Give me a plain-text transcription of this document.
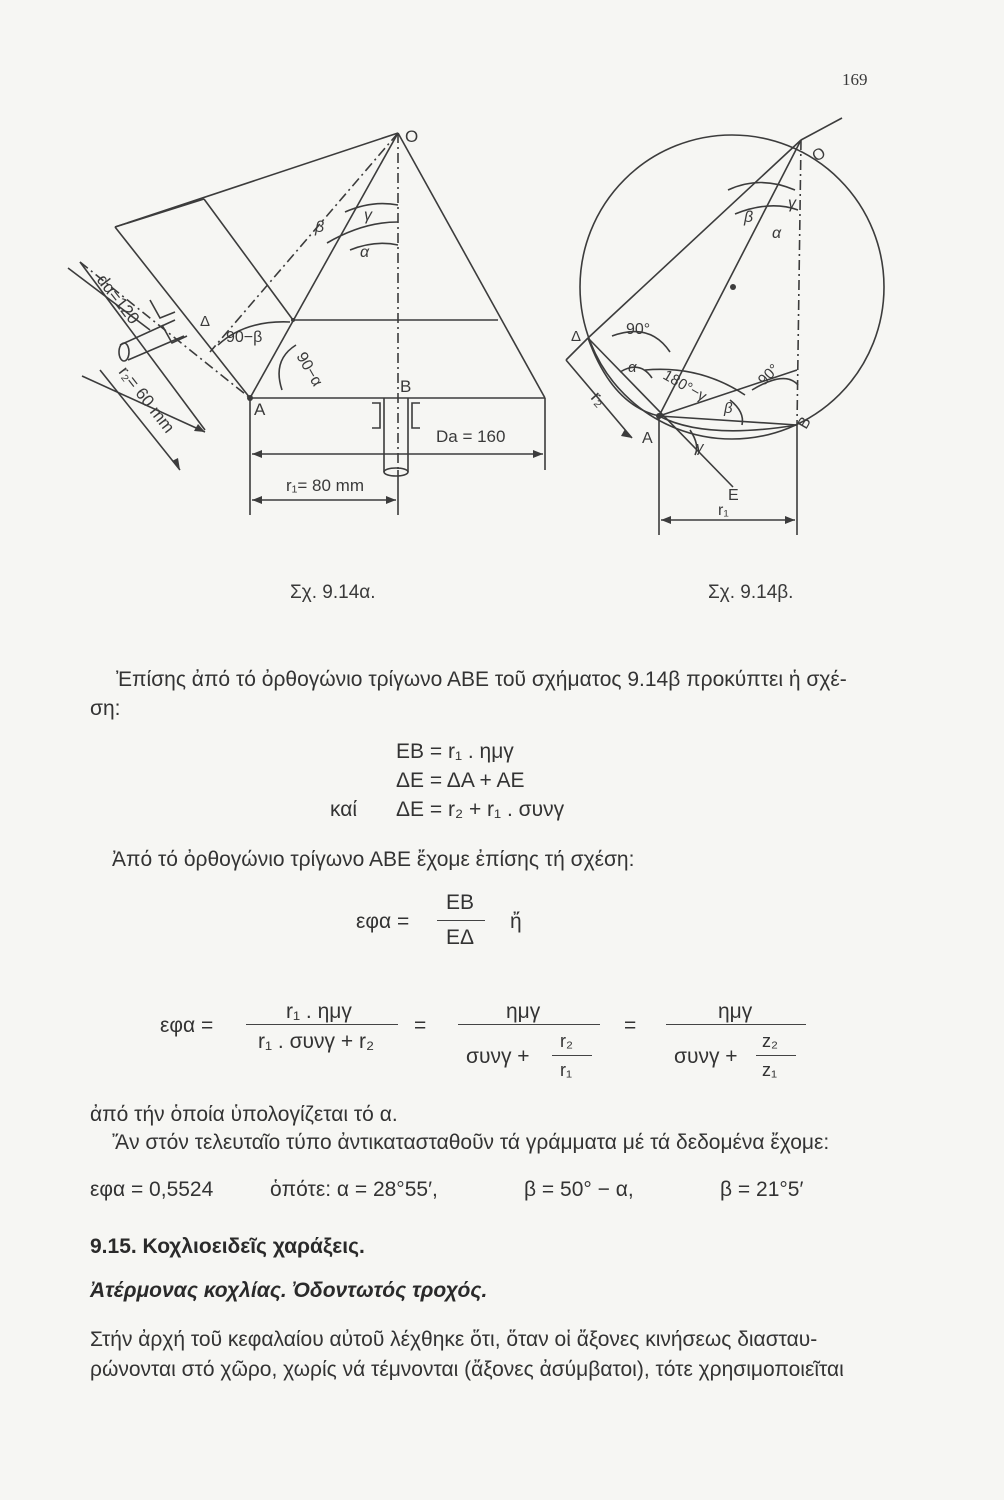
169
O
β
γ
α
Δ
90−β
90−α	B
A
Da = 160
r₁= 80 mm
dα=120
r₂= 60 mm
O
β
γ
α
90°
Δ
α 180°−γ
β
90°
r₂
A
γ
B
E
r₁
Σχ. 9.14α.	Σχ. 9.14β.
Ἐπίσης ἀπό τό ὀρθογώνιο τρίγωνο ΑΒΕ τοῦ σχήματος 9.14β προκύπτει ἡ σχέ-
ση:
ΕΒ = r₁ . ημγ
ΔΕ = ΔΑ + ΑΕ
καί ΔΕ = r₂ + r₁ . συνγ
Ἀπό τό ὀρθογώνιο τρίγωνο ΑΒΕ ἔχομε ἐπίσης τή σχέση:
εφα =
ΕΒ
ΕΔ
ἤ
εφα =
r₁ . ημγ
r₁ . συνγ + r₂
=
ημγ
συνγ +
r₂
r₁
=
ημγ
συνγ +
z₂
z₁
ἀπό τήν ὁποία ὑπολογίζεται τό α.
Ἄν στόν τελευταῖο τύπο ἀντικατασταθοῦν τά γράμματα μέ τά δεδομένα ἔχομε:
εφα = 0,5524	ὁπότε: α = 28°55′,	β = 50° − α,	β = 21°5′
9.15. Κοχλιοειδεῖς χαράξεις.
Ἀτέρμονας κοχλίας. Ὀδοντωτός τροχός.
Στήν ἀρχή τοῦ κεφαλαίου αὐτοῦ λέχθηκε ὅτι, ὅταν οἱ ἄξονες κινήσεως διασταυ-
ρώνονται στό χῶρο, χωρίς νά τέμνονται (ἄξονες ἀσύμβατοι), τότε χρησιμοποιεῖται
